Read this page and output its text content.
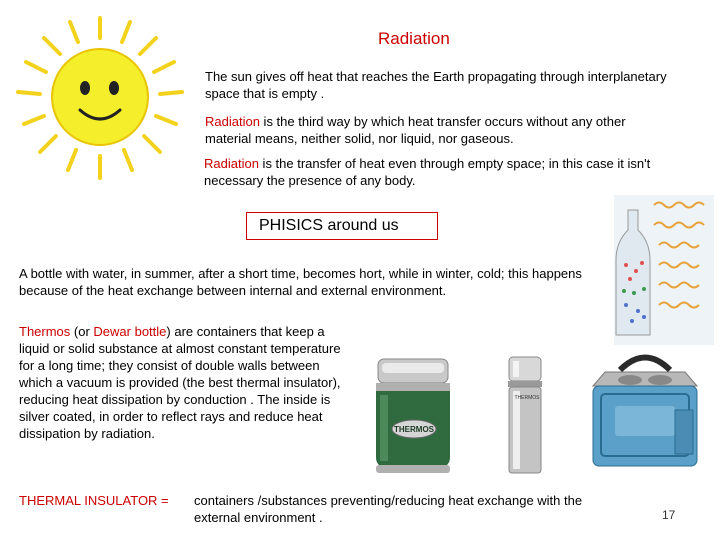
Radiation
The sun gives off heat that reaches the Earth propagating through interplanetary space that is empty .
Radiation is the third way by which heat transfer occurs without any other material means, neither solid, nor liquid, nor gaseous.
Radiation is the transfer of heat even through empty space; in this case it isn't necessary the presence of any body.
PHISICS around us
A bottle with water, in summer, after a short time, becomes hort, while in winter, cold; this happens because of the heat exchange between internal and external environment.
Thermos (or Dewar bottle) are containers that keep a liquid or solid substance at almost constant temperature for a long time; they consist of double walls between which a vacuum is provided (the best thermal insulator), reducing heat dissipation by conduction . The inside is silver coated, in order to reflect rays and reduce heat dissipation by radiation.	THERMOS
THERMOS
THERMAL INSULATOR = containers /substances preventing/reducing heat exchange with the external environment .	17
